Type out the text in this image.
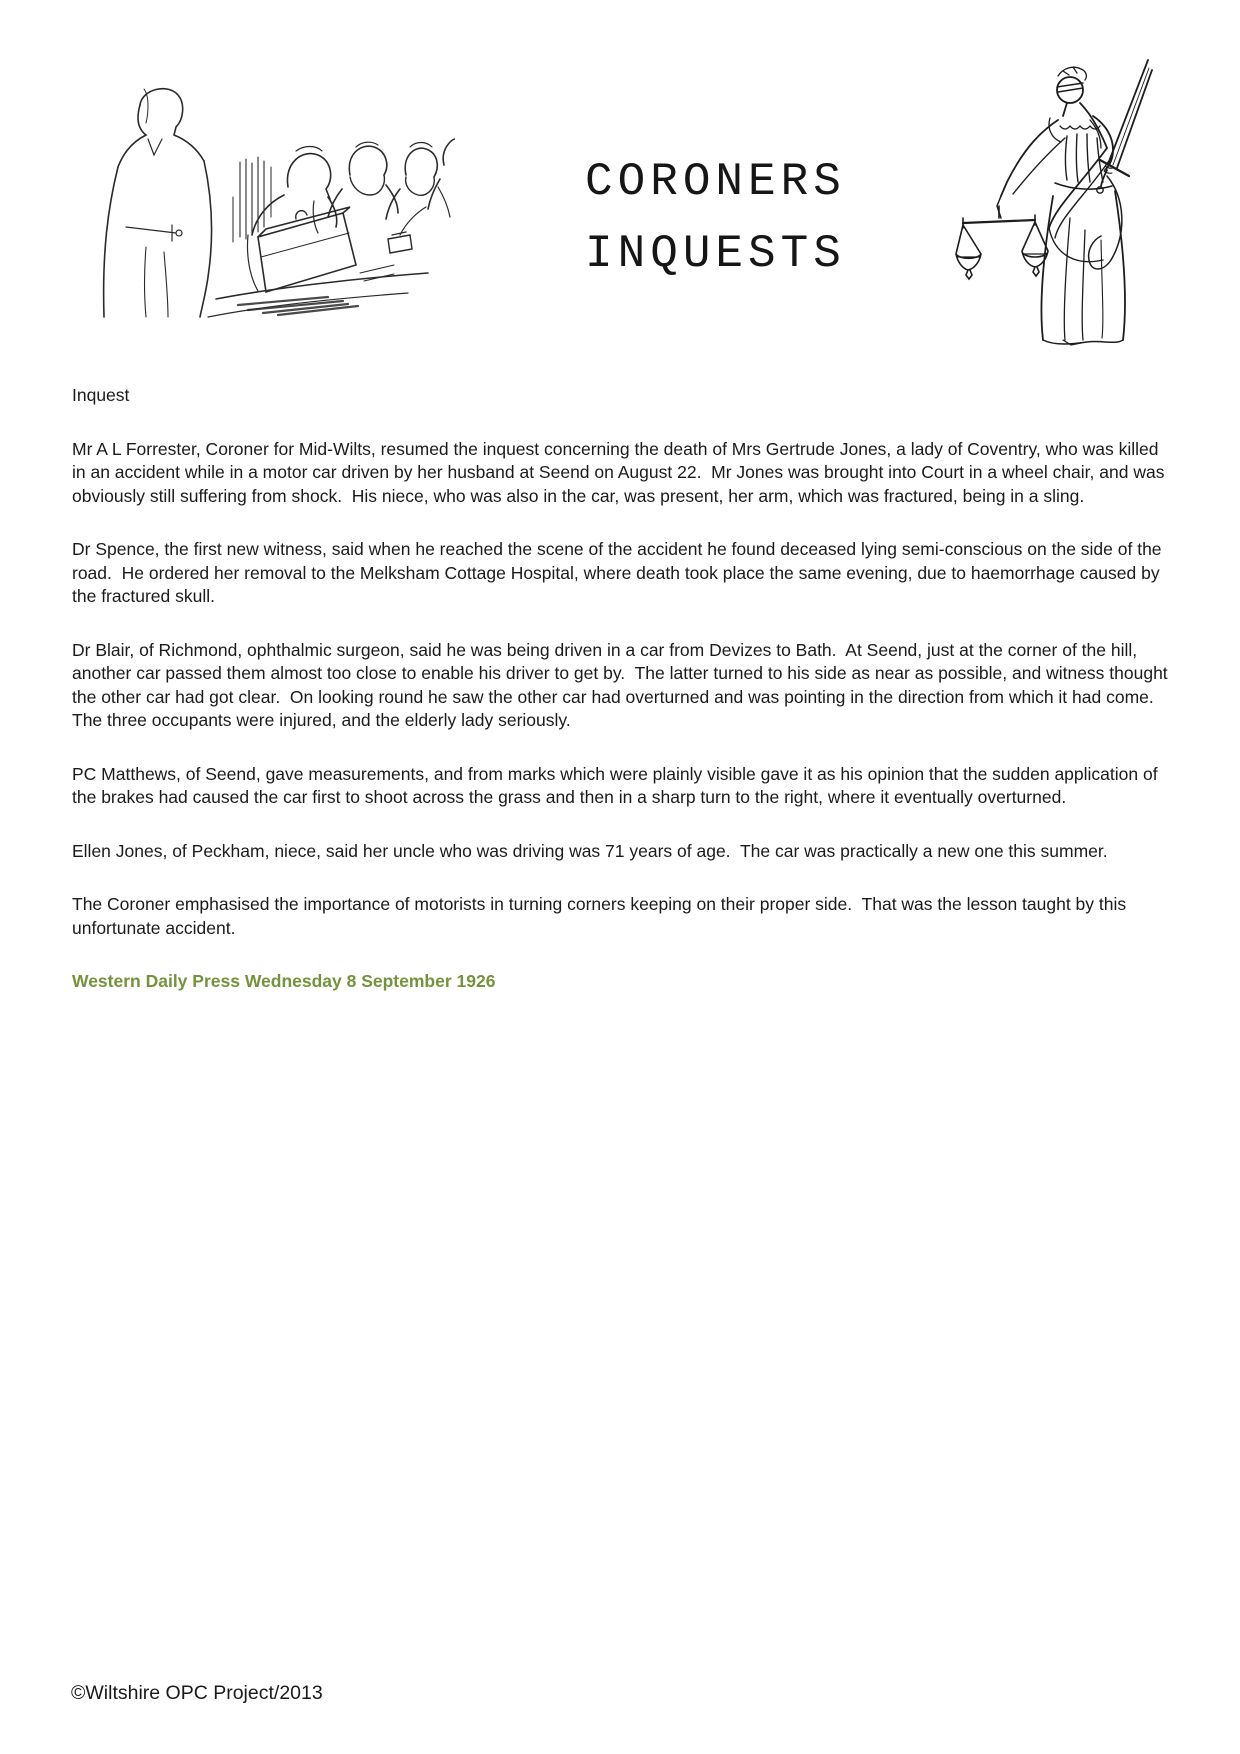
CORONERS
INQUESTS
Inquest

Mr A L Forrester, Coroner for Mid-Wilts, resumed the inquest concerning the death of Mrs Gertrude Jones, a lady of Coventry, who was killed in an accident while in a motor car driven by her husband at Seend on August 22.  Mr Jones was brought into Court in a wheel chair, and was obviously still suffering from shock.  His niece, who was also in the car, was present, her arm, which was fractured, being in a sling.

Dr Spence, the first new witness, said when he reached the scene of the accident he found deceased lying semi-conscious on the side of the road.  He ordered her removal to the Melksham Cottage Hospital, where death took place the same evening, due to haemorrhage caused by the fractured skull.

Dr Blair, of Richmond, ophthalmic surgeon, said he was being driven in a car from Devizes to Bath.  At Seend, just at the corner of the hill, another car passed them almost too close to enable his driver to get by.  The latter turned to his side as near as possible, and witness thought the other car had got clear.  On looking round he saw the other car had overturned and was pointing in the direction from which it had come.  The three occupants were injured, and the elderly lady seriously.

PC Matthews, of Seend, gave measurements, and from marks which were plainly visible gave it as his opinion that the sudden application of the brakes had caused the car first to shoot across the grass and then in a sharp turn to the right, where it eventually overturned.

Ellen Jones, of Peckham, niece, said her uncle who was driving was 71 years of age.  The car was practically a new one this summer.

The Coroner emphasised the importance of motorists in turning corners keeping on their proper side.  That was the lesson taught by this unfortunate accident.

Western Daily Press Wednesday 8 September 1926

©Wiltshire OPC Project/2013
